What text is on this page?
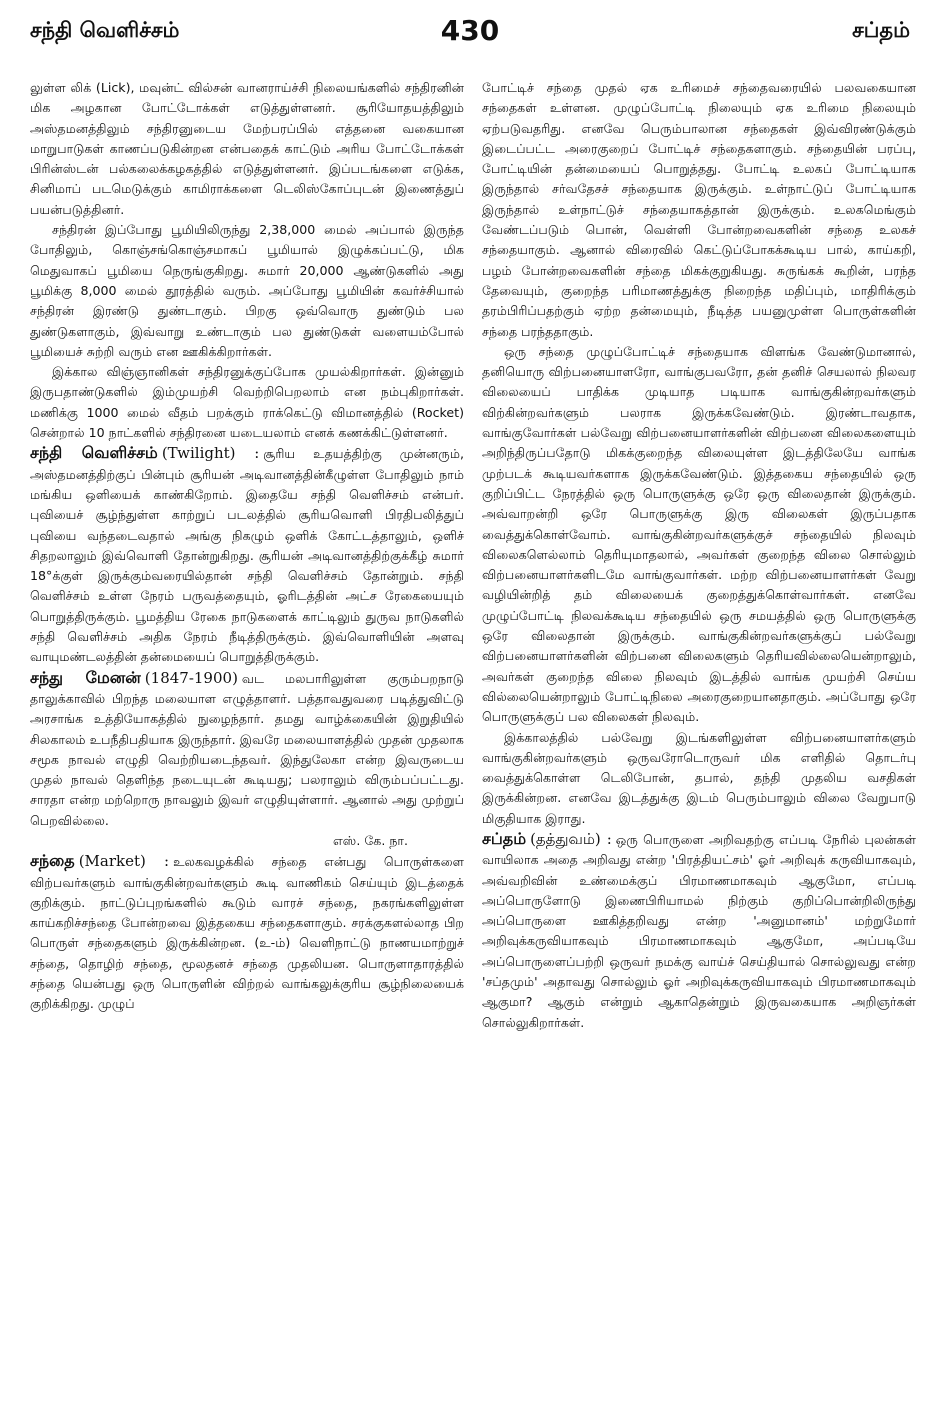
சந்தி வெளிச்சம்	430	சப்தம்

லுள்ள லிக் (Lick), மவுன்ட் வில்சன் வானராய்ச்சி நிலையங்களில் சந்திரனின் மிக அழகான போட்டோக்கள் எடுத்துள்ளனர். சூரியோதயத்திலும் அஸ்தமனத்திலும் சந்திரனுடைய மேற்பரப்பில் எத்தனை வகையான மாறுபாடுகள் காணப்படுகின்றன என்பதைக் காட்டும் அரிய போட்டோக்கள் பிரின்ஸ்டன் பல்கலைக்கழகத்தில் எடுத்துள்ளனர். இப்படங்களை எடுக்க, சினிமாப் படமெடுக்கும் காமிராக்களை டெலிஸ்கோப்புடன் இணைத்துப் பயன்படுத்தினர்.

சந்திரன் இப்போது பூமியிலிருந்து 2,38,000 மைல் அப்பால் இருந்த போதிலும், கொஞ்சங்கொஞ்சமாகப் பூமியால் இழுக்கப்பட்டு, மிக மெதுவாகப் பூமியை நெருங்குகிறது. சுமார் 20,000 ஆண்டுகளில் அது பூமிக்கு 8,000 மைல் தூரத்தில் வரும். அப்போது பூமியின் கவர்ச்சியால் சந்திரன் இரண்டு துண்டாகும். பிறகு ஒவ்வொரு துண்டும் பல துண்டுகளாகும், இவ்வாறு உண்டாகும் பல துண்டுகள் வளையம்போல் பூமியைச் சுற்றி வரும் என ஊகிக்கிறார்கள்.

இக்கால விஞ்ஞானிகள் சந்திரனுக்குப்போக முயல்கிறார்கள். இன்னும் இருபதாண்டுகளில் இம்முயற்சி வெற்றிபெறலாம் என நம்புகிறார்கள். மணிக்கு 1000 மைல் வீதம் பறக்கும் ராக்கெட்டு விமானத்தில் (Rocket) சென்றால் 10 நாட்களில் சந்திரனை யடையலாம் எனக் கணக்கிட்டுள்ளனர்.

சந்தி வெளிச்சம் (Twilight) : சூரிய உதயத்திற்கு முன்னரும், அஸ்தமனத்திற்குப் பின்பும் சூரியன் அடிவானத்தின்கீழுள்ள போதிலும் நாம் மங்கிய ஒளியைக் காண்கிறோம். இதையே சந்தி வெளிச்சம் என்பர். புவியைச் சூழ்ந்துள்ள காற்றுப் படலத்தில் சூரியவொளி பிரதிபலித்துப் புவியை வந்தடைவதால் அங்கு நிகழும் ஒளிக் கோட்டத்தாலும், ஒளிச் சிதறலாலும் இவ்வொளி தோன்றுகிறது. சூரியன் அடிவானத்திற்குக்கீழ் சுமார் 18°க்குள் இருக்கும்வரையில்தான் சந்தி வெளிச்சம் தோன்றும். சந்தி வெளிச்சம் உள்ள நேரம் பருவத்தையும், ஓரிடத்தின் அட்ச ரேகையையும் பொறுத்திருக்கும். பூமத்திய ரேகை நாடுகளைக் காட்டிலும் துருவ நாடுகளில் சந்தி வெளிச்சம் அதிக நேரம் நீடித்திருக்கும். இவ்வொளியின் அளவு வாயுமண்டலத்தின் தன்மையைப் பொறுத்திருக்கும்.

சந்து மேனன் (1847-1900) வட மலபாரிலுள்ள குரும்பறநாடு தாலுக்காவில் பிறந்த மலையாள எழுத்தாளர். பத்தாவதுவரை படித்துவிட்டு அரசாங்க உத்தியோகத்தில் நுழைந்தார். தமது வாழ்க்கையின் இறுதியில் சிலகாலம் உபநீதிபதியாக இருந்தார். இவரே மலையாளத்தில் முதன் முதலாக சமூக நாவல் எழுதி வெற்றியடைந்தவர். இந்துலேகா என்ற இவருடைய முதல் நாவல் தெளிந்த நடையுடன் கூடியது; பலராலும் விரும்பப்பட்டது. சாரதா என்ற மற்றொரு நாவலும் இவர் எழுதியுள்ளார். ஆனால் அது முற்றுப் பெறவில்லை.
எஸ். கே. நா.

சந்தை (Market) : உலகவழக்கில் சந்தை என்பது பொருள்களை விற்பவர்களும் வாங்குகின்றவர்களும் கூடி வாணிகம் செய்யும் இடத்தைக் குறிக்கும். நாட்டுப்புறங்களில் கூடும் வாரச் சந்தை, நகரங்களிலுள்ள காய்கறிச்சந்தை போன்றவை இத்தகைய சந்தைகளாகும். சரக்குகளல்லாத பிற பொருள் சந்தைகளும் இருக்கின்றன. (உ-ம்) வெளிநாட்டு நாணயமாற்றுச் சந்தை, தொழிற் சந்தை, மூலதனச் சந்தை முதலியன. பொருளாதாரத்தில் சந்தை யென்பது ஒரு பொருளின் விற்றல் வாங்கலுக்குரிய சூழ்நிலையைக் குறிக்கிறது. முழுப்

போட்டிச் சந்தை முதல் ஏக உரிமைச் சந்தைவரையில் பலவகையான சந்தைகள் உள்ளன. முழுப்போட்டி நிலையும் ஏக உரிமை நிலையும் ஏற்படுவதரிது. எனவே பெரும்பாலான சந்தைகள் இவ்விரண்டுக்கும் இடைப்பட்ட அரைகுறைப் போட்டிச் சந்தைகளாகும். சந்தையின் பரப்பு, போட்டியின் தன்மையைப் பொறுத்தது. போட்டி உலகப் போட்டியாக இருந்தால் சர்வதேசச் சந்தையாக இருக்கும். உள்நாட்டுப் போட்டியாக இருந்தால் உள்நாட்டுச் சந்தையாகத்தான் இருக்கும். உலகமெங்கும் வேண்டப்படும் பொன், வெள்ளி போன்றவைகளின் சந்தை உலகச் சந்தையாகும். ஆனால் விரைவில் கெட்டுப்போகக்கூடிய பால், காய்கறி, பழம் போன்றவைகளின் சந்தை மிகக்குறுகியது. சுருங்கக் கூறின், பரந்த தேவையும், குறைந்த பரிமாணத்துக்கு நிறைந்த மதிப்பும், மாதிரிக்கும் தரம்பிரிப்பதற்கும் ஏற்ற தன்மையும், நீடித்த பயனுமுள்ள பொருள்களின் சந்தை பரந்ததாகும்.

ஒரு சந்தை முழுப்போட்டிச் சந்தையாக விளங்க வேண்டுமானால், தனியொரு விற்பனையாளரோ, வாங்குபவரோ, தன் தனிச் செயலால் நிலவர விலையைப் பாதிக்க முடியாத படியாக வாங்குகின்றவர்களும் விற்கின்றவர்களும் பலராக இருக்கவேண்டும். இரண்டாவதாக, வாங்குவோர்கள் பல்வேறு விற்பனையாளர்களின் விற்பனை விலைகளையும் அறிந்திருப்பதோடு மிகக்குறைந்த விலையுள்ள இடத்திலேயே வாங்க முற்படக் கூடியவர்களாக இருக்கவேண்டும். இத்தகைய சந்தையில் ஒரு குறிப்பிட்ட நேரத்தில் ஒரு பொருளுக்கு ஒரே ஒரு விலைதான் இருக்கும். அவ்வாறன்றி ஒரே பொருளுக்கு இரு விலைகள் இருப்பதாக வைத்துக்கொள்வோம். வாங்குகின்றவர்களுக்குச் சந்தையில் நிலவும் விலைகளெல்லாம் தெரியுமாதலால், அவர்கள் குறைந்த விலை சொல்லும் விற்பனையாளர்களிடமே வாங்குவார்கள். மற்ற விற்பனையாளர்கள் வேறு வழியின்றித் தம் விலையைக் குறைத்துக்கொள்வார்கள். எனவே முழுப்போட்டி நிலவக்கூடிய சந்தையில் ஒரு சமயத்தில் ஒரு பொருளுக்கு ஒரே விலைதான் இருக்கும். வாங்குகின்றவர்களுக்குப் பல்வேறு விற்பனையாளர்களின் விற்பனை விலைகளும் தெரியவில்லையென்றாலும், அவர்கள் குறைந்த விலை நிலவும் இடத்தில் வாங்க முயற்சி செய்ய வில்லையென்றாலும் போட்டிநிலை அரைகுறையானதாகும். அப்போது ஒரே பொருளுக்குப் பல விலைகள் நிலவும்.

இக்காலத்தில் பல்வேறு இடங்களிலுள்ள விற்பனையாளர்களும் வாங்குகின்றவர்களும் ஒருவரோடொருவர் மிக எளிதில் தொடர்பு வைத்துக்கொள்ள டெலிபோன், தபால், தந்தி முதலிய வசதிகள் இருக்கின்றன. எனவே இடத்துக்கு இடம் பெரும்பாலும் விலை வேறுபாடு மிகுதியாக இராது.

சப்தம் (தத்துவம்) : ஒரு பொருளை அறிவதற்கு எப்படி நேரில் புலன்கள் வாயிலாக அதை அறிவது என்ற 'பிரத்தியட்சம்' ஓர் அறிவுக் கருவியாகவும், அவ்வறிவின் உண்மைக்குப் பிரமாணமாகவும் ஆகுமோ, எப்படி அப்பொருளோடு இணைபிரியாமல் நிற்கும் குறிப்பொன்றிலிருந்து அப்பொருளை ஊகித்தறிவது என்ற 'அனுமானம்' மற்றுமோர் அறிவுக்கருவியாகவும் பிரமாணமாகவும் ஆகுமோ, அப்படியே அப்பொருளைப்பற்றி ஒருவர் நமக்கு வாய்ச் செய்தியால் சொல்லுவது என்ற 'சப்தமும்' அதாவது சொல்லும் ஓர் அறிவுக்கருவியாகவும் பிரமாணமாகவும் ஆகுமா? ஆகும் என்றும் ஆகாதென்றும் இருவகையாக அறிஞர்கள் சொல்லுகிறார்கள்.
